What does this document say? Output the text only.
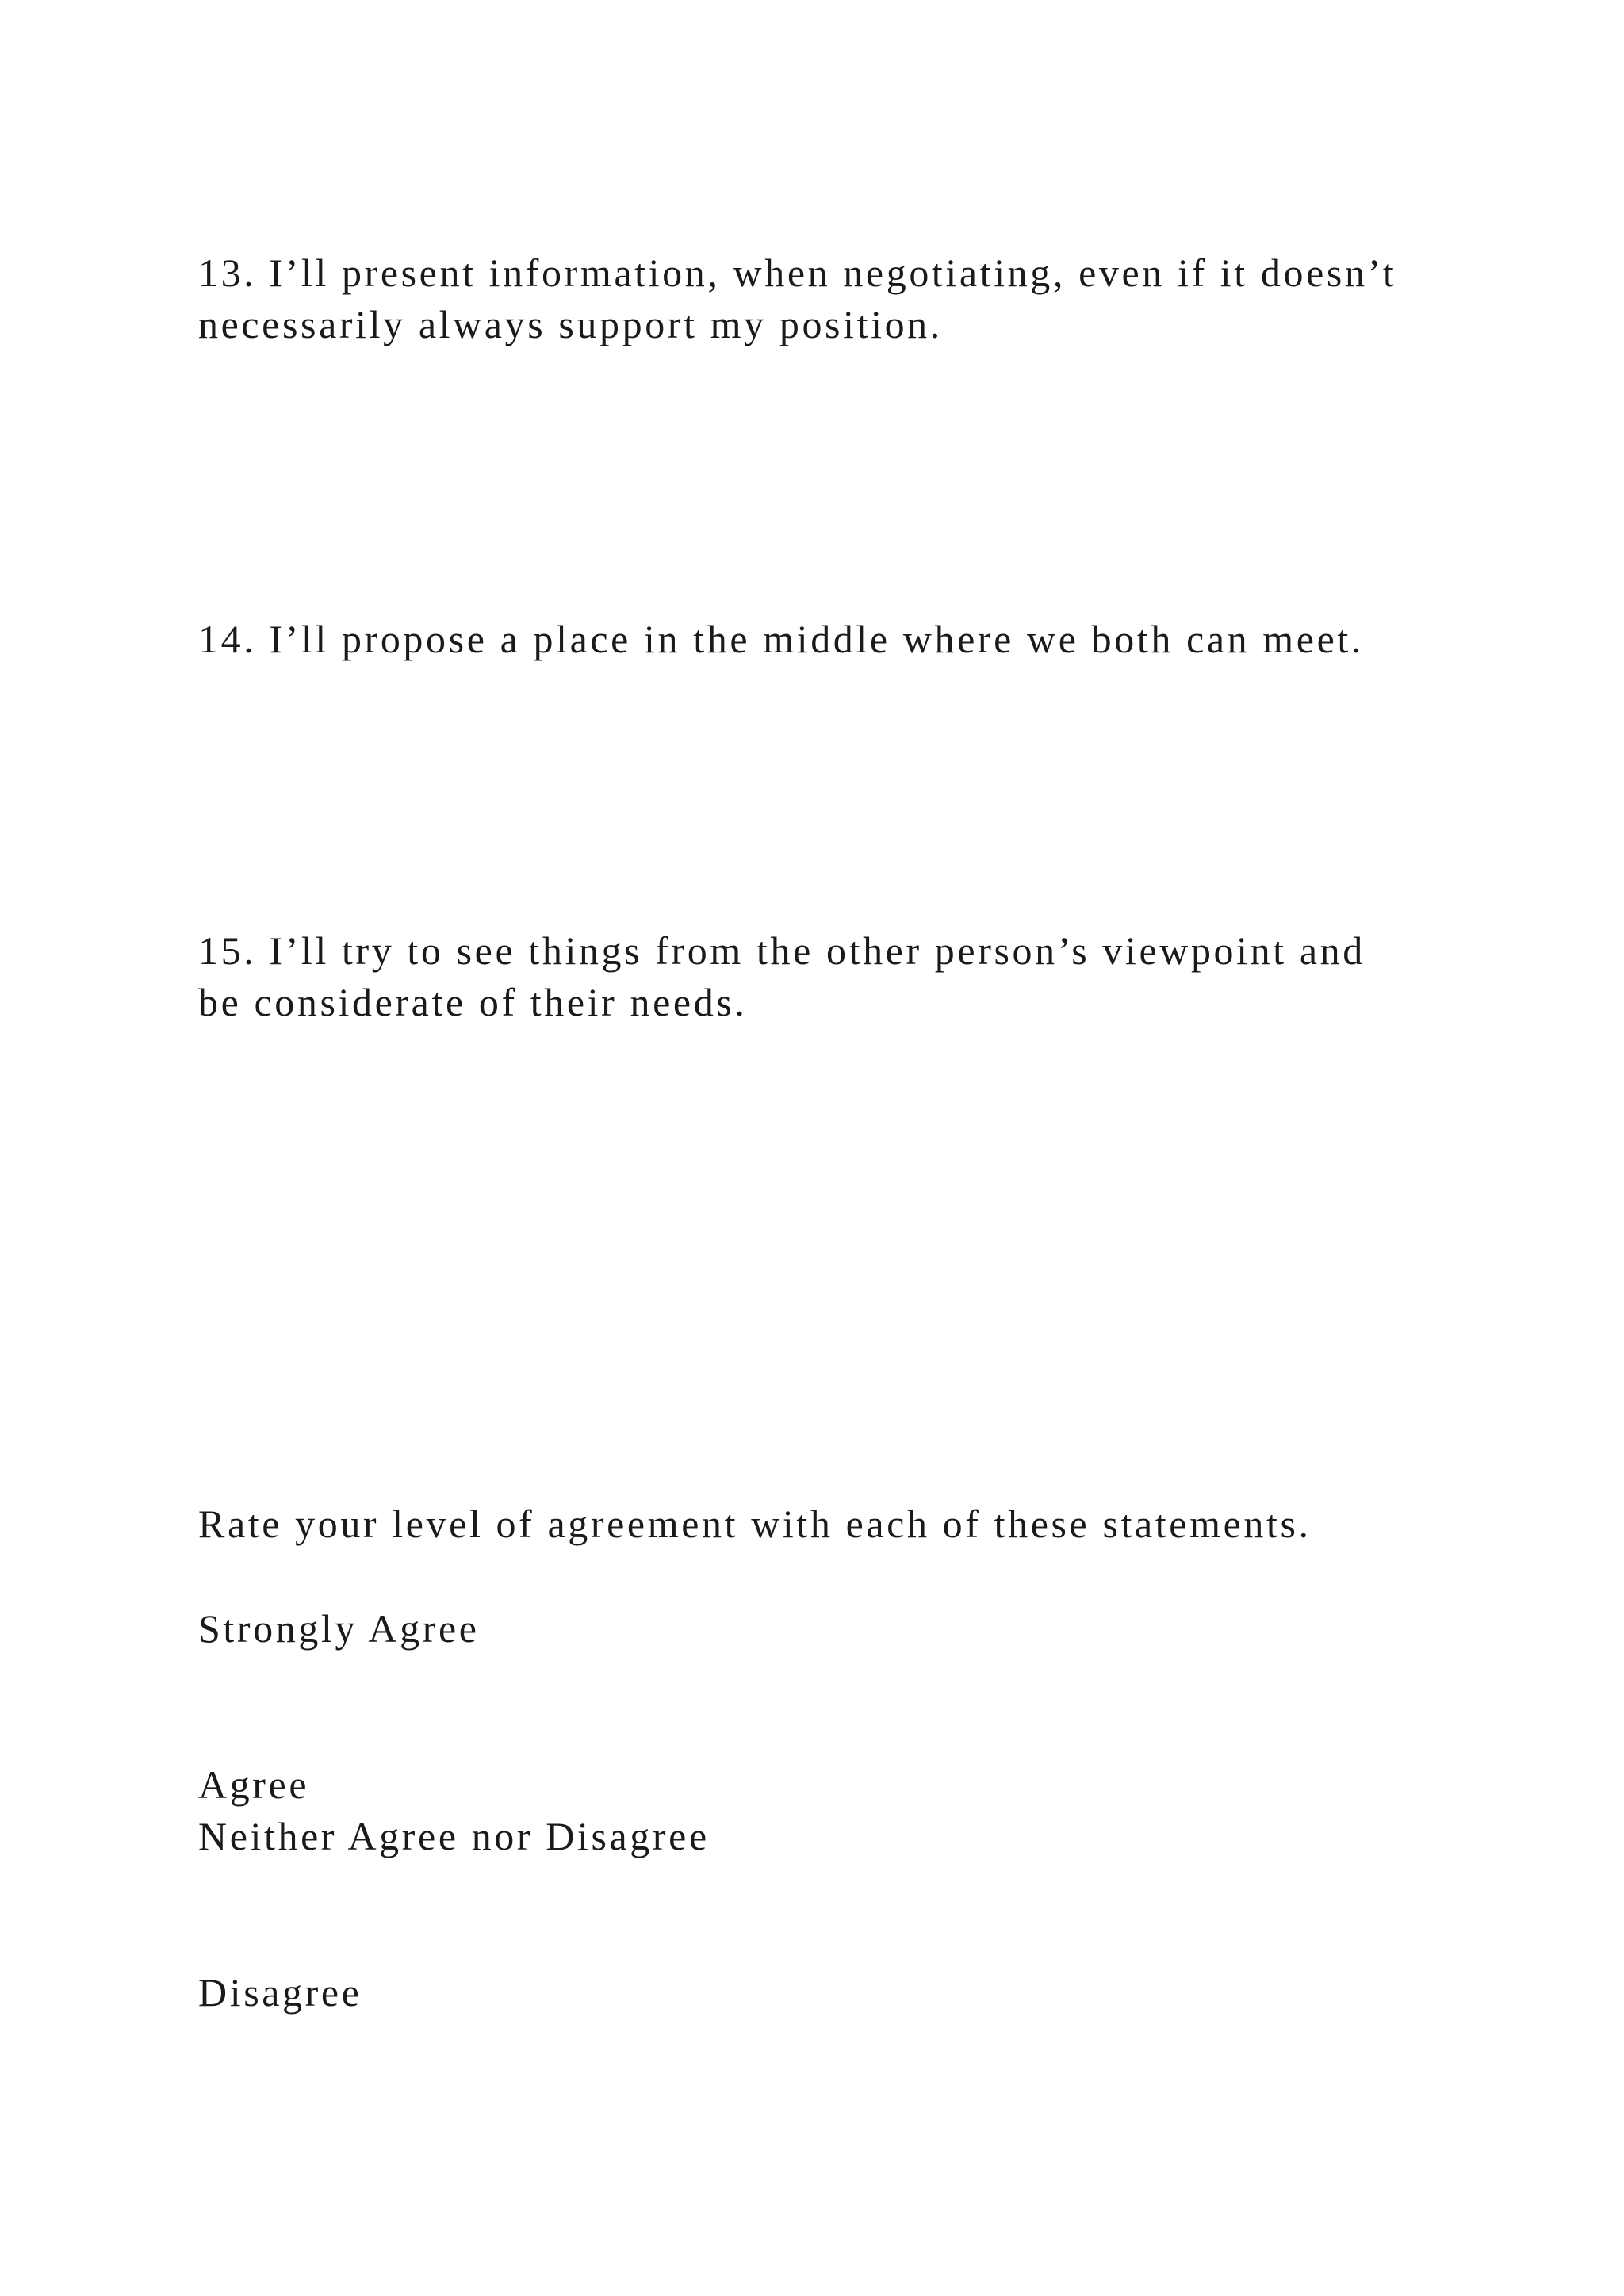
13. I’ll present information, when negotiating, even if it doesn’t
necessarily always support my position.

14. I’ll propose a place in the middle where we both can meet.

15. I’ll try to see things from the other person’s viewpoint and
be considerate of their needs.

Rate your level of agreement with each of these statements.

Strongly Agree

Agree

Neither Agree nor Disagree

Disagree
